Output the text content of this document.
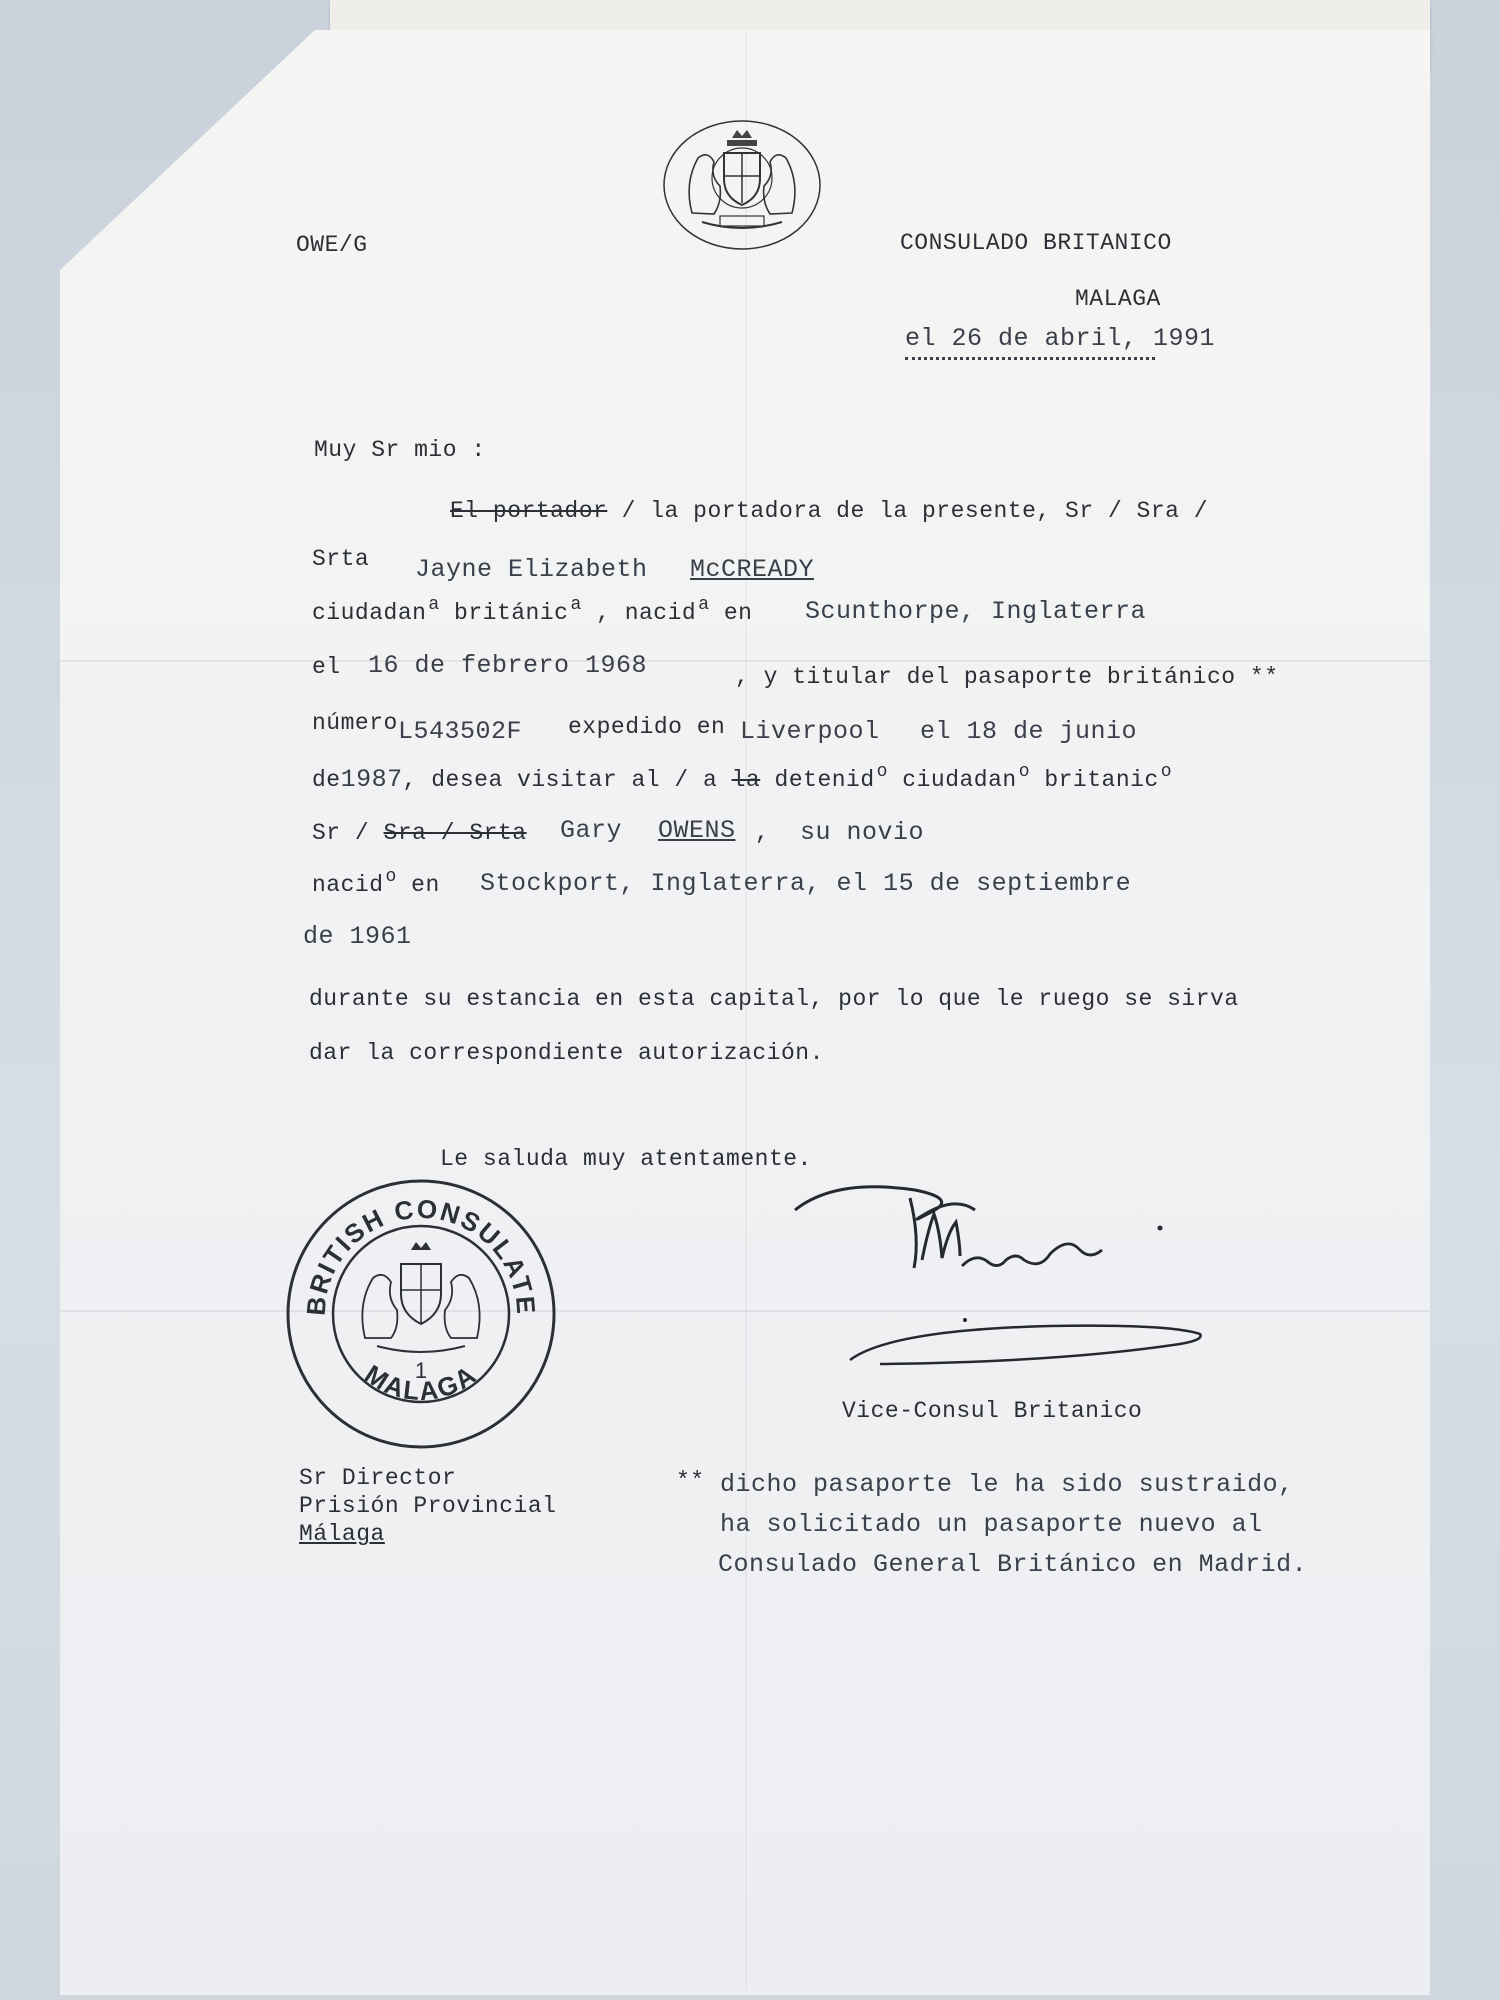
OWE/G	CONSULADO BRITANICO
MALAGA
el 26 de abril, 1991
Muy Sr mio :
El portador / la portadora de la presente, Sr / Sra /
Srta Jayne Elizabeth McCREADY
ciudadan $^a$ británic $^a$ , nacid $^a$ en Scunthorpe, Inglaterra
el 16 de febrero 1968	, y titular del pasaporte británico **
número L543502F expedido en Liverpool el 18 de junio
de1987, desea visitar al / a la detenid $^o$ ciudadan $^o$ britanic $^o$
Sr / Sra / Srta Gary OWENS , su novio
nacid $^o$ en Stockport, Inglaterra, el 15 de septiembre
de 1961
durante su estancia en esta capital, por lo que le ruego se sirva
dar la correspondiente autorización.
Le saluda muy atentamente.
BRITISH CONSULATE
MALAGA
1
Vice-Consul Britanico
Sr Director
Prisión Provincial
Málaga
** dicho pasaporte le ha sido sustraido,
ha solicitado un pasaporte nuevo al
Consulado General Británico en Madrid.
